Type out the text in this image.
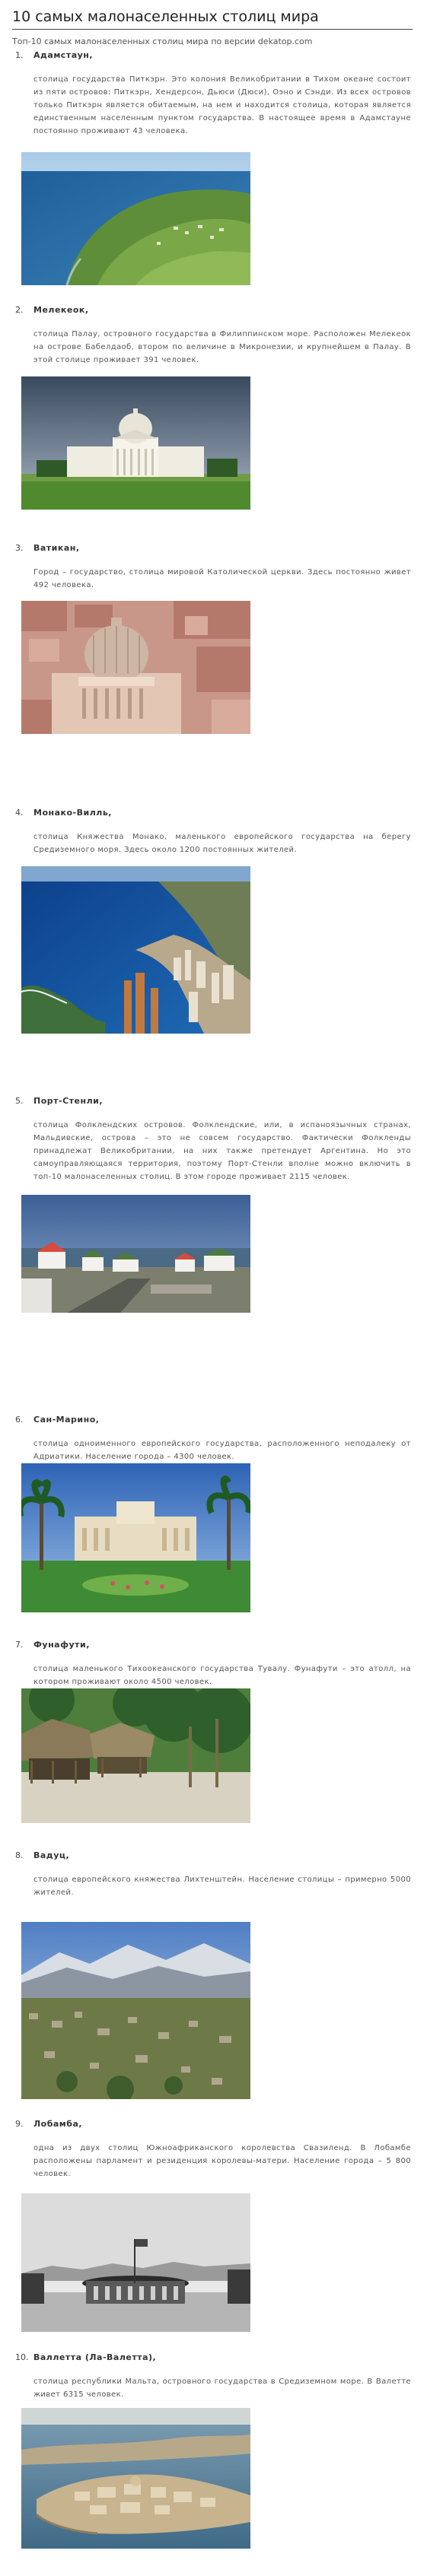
10 самых малонаселенных столиц мира
Топ-10 самых малонаселенных столиц мира по версии dekatop.com
1. Адамстаун,
столица государства Питкэрн. Это колония Великобритании в Тихом океане состоит из пяти островов: Питкэрн, Хендерсон, Дьюси (Дюси), Оэно и Сэнди. Из всех островов только Питкэрн является обитаемым, на нем и находится столица, которая является единственным населенным пунктом государства. В настоящее время в Адамстауне постоянно проживают 43 человека.
2. Мелекеок,
столица Палау, островного государства в Филиппинском море. Расположен Мелекеок на острове Бабелдаоб, втором по величине в Микронезии, и крупнейшем в Палау. В этой столице проживает 391 человек.
3. Ватикан,
Город – государство, столица мировой Католической церкви. Здесь постоянно живет 492 человека.
4. Монако-Вилль,
столица Княжества Монако, маленького европейского государства на берегу Средиземного моря. Здесь около 1200 постоянных жителей.
5. Порт-Стенли,
столица Фолклендских островов. Фолклендские, или, в испаноязычных странах, Мальдивские, острова – это не совсем государство. Фактически Фолкленды принадлежат Великобритании, на них также претендует Аргентина. Но это самоуправляющаяся территория, поэтому Порт-Стенли вполне можно включить в топ-10 малонаселенных столиц. В этом городе проживает 2115 человек.
6. Сан-Марино,
столица одноименного европейского государства, расположенного неподалеку от Адриатики. Население города – 4300 человек.
7. Фунафути,
столица маленького Тихоокеанского государства Тувалу. Фунафути – это атолл, на котором проживают около 4500 человек.
8. Вадуц,
столица европейского княжества Лихтенштейн. Население столицы – примерно 5000 жителей.
9. Лобамба,
одна из двух столиц Южноафриканского королевства Свазиленд. В Лобамбе расположены парламент и резиденция королевы-матери. Население города – 5 800 человек.
10. Валлетта (Ла-Валетта),
столица республики Мальта, островного государства в Средиземном море. В Валетте живет 6315 человек.
